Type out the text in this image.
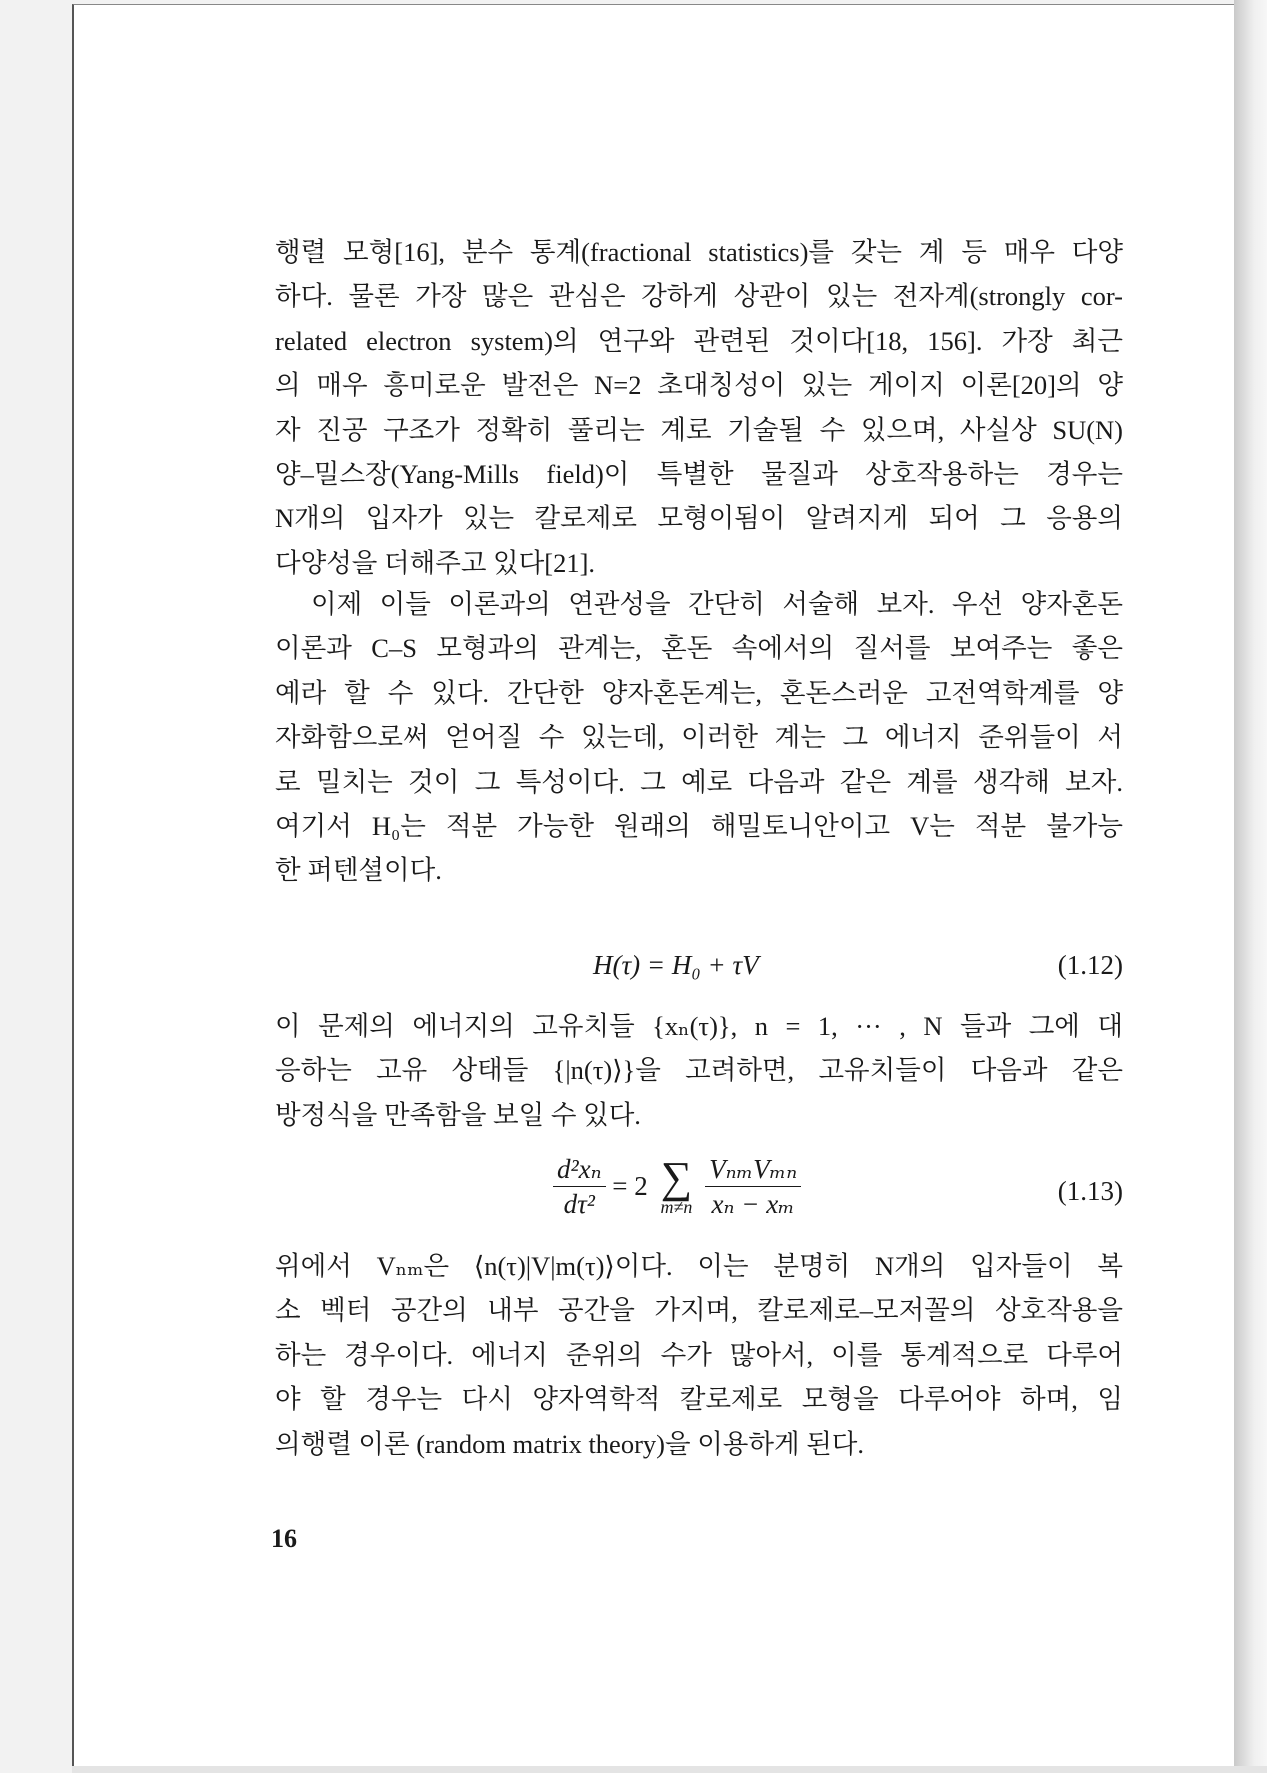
행렬 모형[16], 분수 통계(fractional statistics)를 갖는 계 등 매우 다양
하다. 물론 가장 많은 관심은 강하게 상관이 있는 전자계(strongly cor-
related electron system)의 연구와 관련된 것이다[18, 156]. 가장 최근
의 매우 흥미로운 발전은 N=2 초대칭성이 있는 게이지 이론[20]의 양
자 진공 구조가 정확히 풀리는 계로 기술될 수 있으며, 사실상 SU(N)
양–밀스장(Yang-Mills field)이 특별한 물질과 상호작용하는 경우는
N개의 입자가 있는 칼로제로 모형이됨이 알려지게 되어 그 응용의
다양성을 더해주고 있다[21].
이제 이들 이론과의 연관성을 간단히 서술해 보자. 우선 양자혼돈
이론과 C–S 모형과의 관계는, 혼돈 속에서의 질서를 보여주는 좋은
예라 할 수 있다. 간단한 양자혼돈계는, 혼돈스러운 고전역학계를 양
자화함으로써 얻어질 수 있는데, 이러한 계는 그 에너지 준위들이 서
로 밀치는 것이 그 특성이다. 그 예로 다음과 같은 계를 생각해 보자.
여기서 H₀는 적분 가능한 원래의 해밀토니안이고 V는 적분 불가능
한 퍼텐셜이다.
H(τ) = H₀ + τV	(1.12)
이 문제의 에너지의 고유치들 {xₙ(τ)}, n = 1, ··· , N 들과 그에 대
응하는 고유 상태들 {|n(τ)⟩}을 고려하면, 고유치들이 다음과 같은
방정식을 만족함을 보일 수 있다.
$\frac{\text{d²xₙ}}{\text{dτ²}} = 2$ ∑
m≠n
$\frac{\text{VₙₘVₘₙ}}{\text{xₙ − xₘ}}$	(1.13)
위에서 Vₙₘ은 ⟨n(τ)|V|m(τ)⟩이다. 이는 분명히 N개의 입자들이 복
소 벡터 공간의 내부 공간을 가지며, 칼로제로–모저꼴의 상호작용을
하는 경우이다. 에너지 준위의 수가 많아서, 이를 통계적으로 다루어
야 할 경우는 다시 양자역학적 칼로제로 모형을 다루어야 하며, 임
의행렬 이론 (random matrix theory)을 이용하게 된다.
16
